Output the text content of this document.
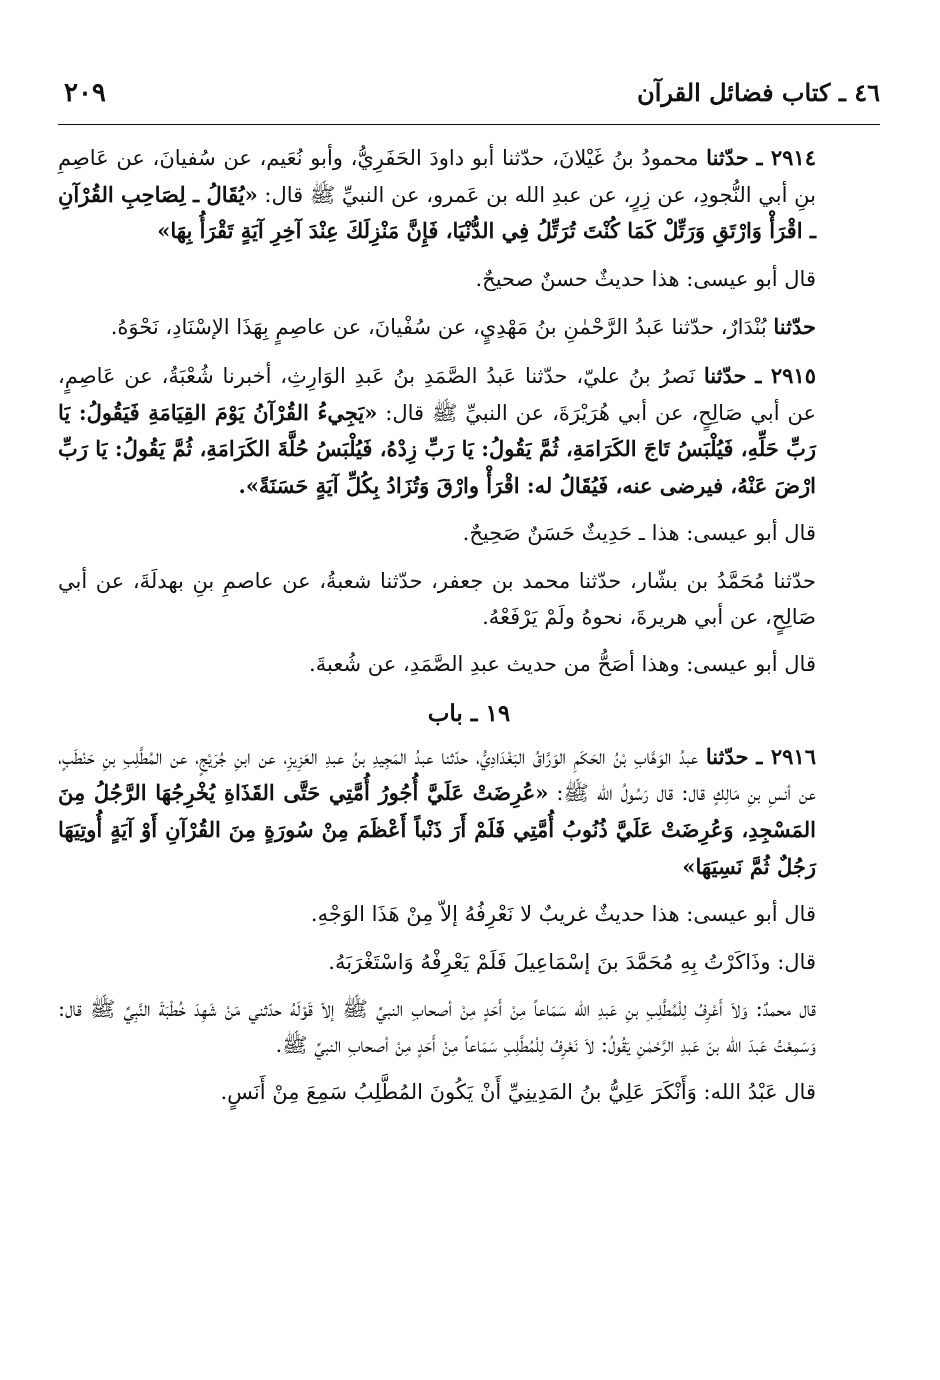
٤٦ ـ كتاب فضائل القرآن
٢٠٩

٢٩١٤ ـ حدّثنا محمودُ بنُ غَيْلانَ، حدّثنا أبو داودَ الحَفَرِيُّ، وأبو نُعَيم، عن سُفيانَ، عن عَاصِمِ بنِ أبي النُّجودِ، عن زِرٍ، عن عبدِ الله بن عَمرو، عن النبيِّ ﷺ قال: «يُقَالُ ـ لِصَاحِبِ القُرْآنِ ـ اقْرَأْ وَارْتَقِ وَرَتِّلْ كَمَا كُنْتَ تُرَتِّلُ فِي الدُّنْيَا، فَإِنَّ مَنْزِلَكَ عِنْدَ آخِرِ آيَةٍ تَقْرَأُ بِهَا»

قال أبو عيسى: هذا حديثٌ حسنٌ صحيحٌ.

حدّثنا بُنْدَارٌ، حدّثنا عَبدُ الرَّحْمٰنِ بنُ مَهْدِيٍ، عن سُفْيانَ، عن عاصِمٍ بِهَذَا الإسْنَادِ، نَحْوَهُ.

٢٩١٥ ـ حدّثنا نَصرُ بنُ عليّ، حدّثنا عَبدُ الصَّمَدِ بنُ عَبدِ الوَارِثِ، أخبرنا شُعْبَةُ، عن عَاصِمٍ، عن أبي صَالِحٍ، عن أبي هُرَيْرَةَ، عن النبيِّ ﷺ قال: «يَجِيءُ القُرْآنُ يَوْمَ القِيَامَةِ فَيَقُولُ: يَا رَبِّ حَلِّهِ، فَيُلْبَسُ تَاجَ الكَرَامَةِ، ثُمَّ يَقُولُ: يَا رَبِّ زِدْهُ، فَيُلْبَسُ حُلَّةَ الكَرَامَةِ، ثُمَّ يَقُولُ: يَا رَبِّ ارْضَ عَنْهُ، فيرضى عنه، فَيُقَالُ له: اقْرَأْ وارْقَ وَتُزَادُ بِكُلِّ آيَةٍ حَسَنَةً».

قال أبو عيسى: هذا ـ حَدِيثٌ حَسَنٌ صَحِيحٌ.

حدّثنا مُحَمَّدُ بن بشّار، حدّثنا محمد بن جعفر، حدّثنا شعبةُ، عن عاصمِ بنِ بهدلَةَ، عن أبي صَالِحٍ، عن أبي هريرةَ، نحوهُ ولَمْ يَرْفَعْهُ.

قال أبو عيسى: وهذا أصَحُّ من حديث عبدِ الصَّمَدِ، عن شُعبةَ.

١٩ ـ باب

٢٩١٦ ـ حدّثنا عبدُ الوَهَّابِ بْنُ الحَكَمِ الوَرَّاقُ البَغْدَادِيُّ، حدّثنا عبدُ المَجِيدِ بنُ عبدِ العَزِيزِ، عن ابنِ جُرَيْجٍ، عن المُطَّلِبِ بنِ حَنْطَبٍ، عن أنسِ بنِ مَالِكٍ قال: قال رَسُولُ الله ﷺ: «عُرِضَتْ عَلَيَّ أُجُورُ أُمَّتِي حَتَّى القَذَاةِ يُخْرِجُهَا الرَّجُلُ مِنَ المَسْجِدِ، وَعُرِضَتْ عَلَيَّ ذُنُوبُ أُمَّتِي فَلَمْ أَرَ ذَنْباً أَعْظَمَ مِنْ سُورَةٍ مِنَ القُرْآنِ أَوْ آيَةٍ أُوتِيَهَا رَجُلٌ ثُمَّ نَسِيَهَا»

قال أبو عيسى: هذا حديثٌ غريبٌ لا نَعْرِفُهُ إلاّ مِنْ هَذَا الوَجْهِ.

قال: وذَاكَرْتُ بِهِ مُحَمَّدَ بنَ إسْمَاعِيلَ فَلَمْ يَعْرِفْهُ وَاسْتَغْرَبَهُ.

قال محمدٌ: وَلاَ أَعْرِفُ لِلْمُطَّلِبِ بنِ عَبدِ الله سَمَاعاً مِنْ أَحَدٍ مِنْ أصحابِ النبيِّ ﷺ إلاّ قَوْلَهُ حدّثني مَنْ شَهِدَ خُطْبَةَ النَّبِيِّ ﷺ قال: وَسَمِعْتُ عَبدَ الله بنَ عَبدِ الرَّحْمٰنِ يَقُولُ: لاَ نَعْرِفُ لِلْمُطَّلِبِ سَمَاعاً مِنْ أَحَدٍ مِنْ أصحابِ النبيِّ ﷺ.

قال عَبْدُ الله: وَأَنْكَرَ عَلِيُّ بنُ المَدِينِيِّ أَنْ يَكُونَ المُطَّلِبُ سَمِعَ مِنْ أَنَسٍ.
